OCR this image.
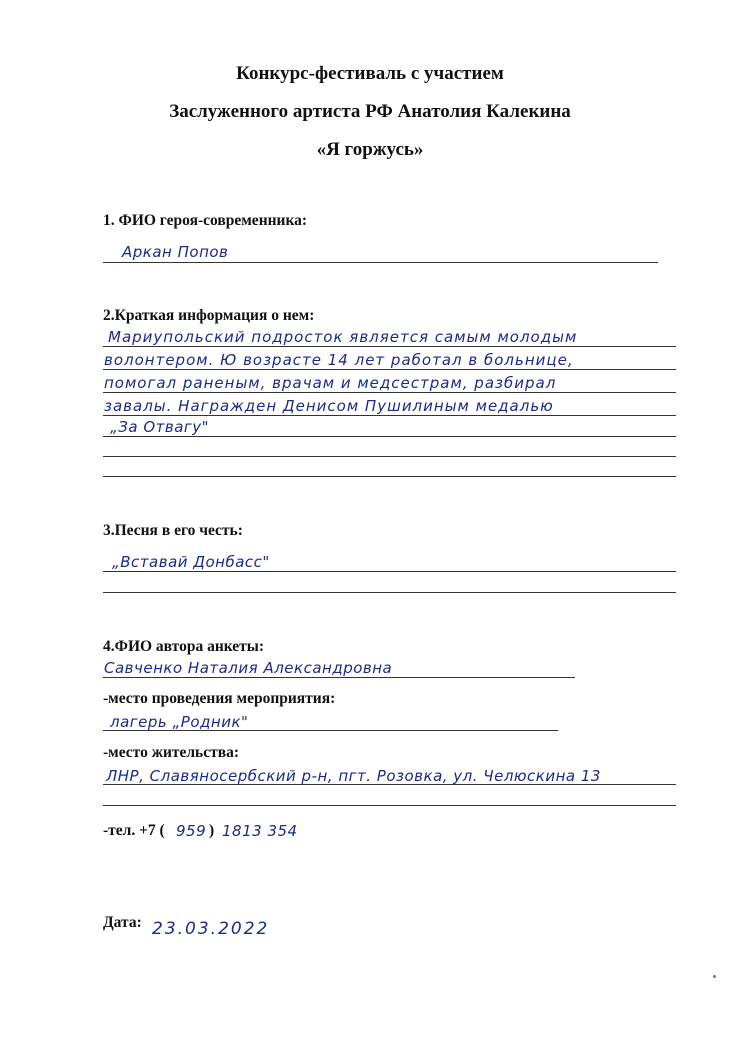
Конкурс-фестиваль с участием
Заслуженного артиста РФ Анатолия Калекина
«Я горжусь»
1. ФИО героя-современника:
Аркан Попов
2.Краткая информация о нем:
Мариупольский подросток является самым молодым
волонтером. Ю возрасте 14 лет работал в больнице,
помогал раненым, врачам и медсестрам, разбирал
завалы. Награжден Денисом Пушилиным медалью
„За Отвагу"
3.Песня в его честь:
„Вставай Донбасс"
4.ФИО автора анкеты:
Савченко Наталия Александровна
-место проведения мероприятия:
лагерь „Родник"
-место жительства:
ЛНР, Славяносербский р-н, пгт. Розовка, ул. Челюскина 13
-тел. +7 ( 959 ) 1813 354
Дата: 23.03.2022
